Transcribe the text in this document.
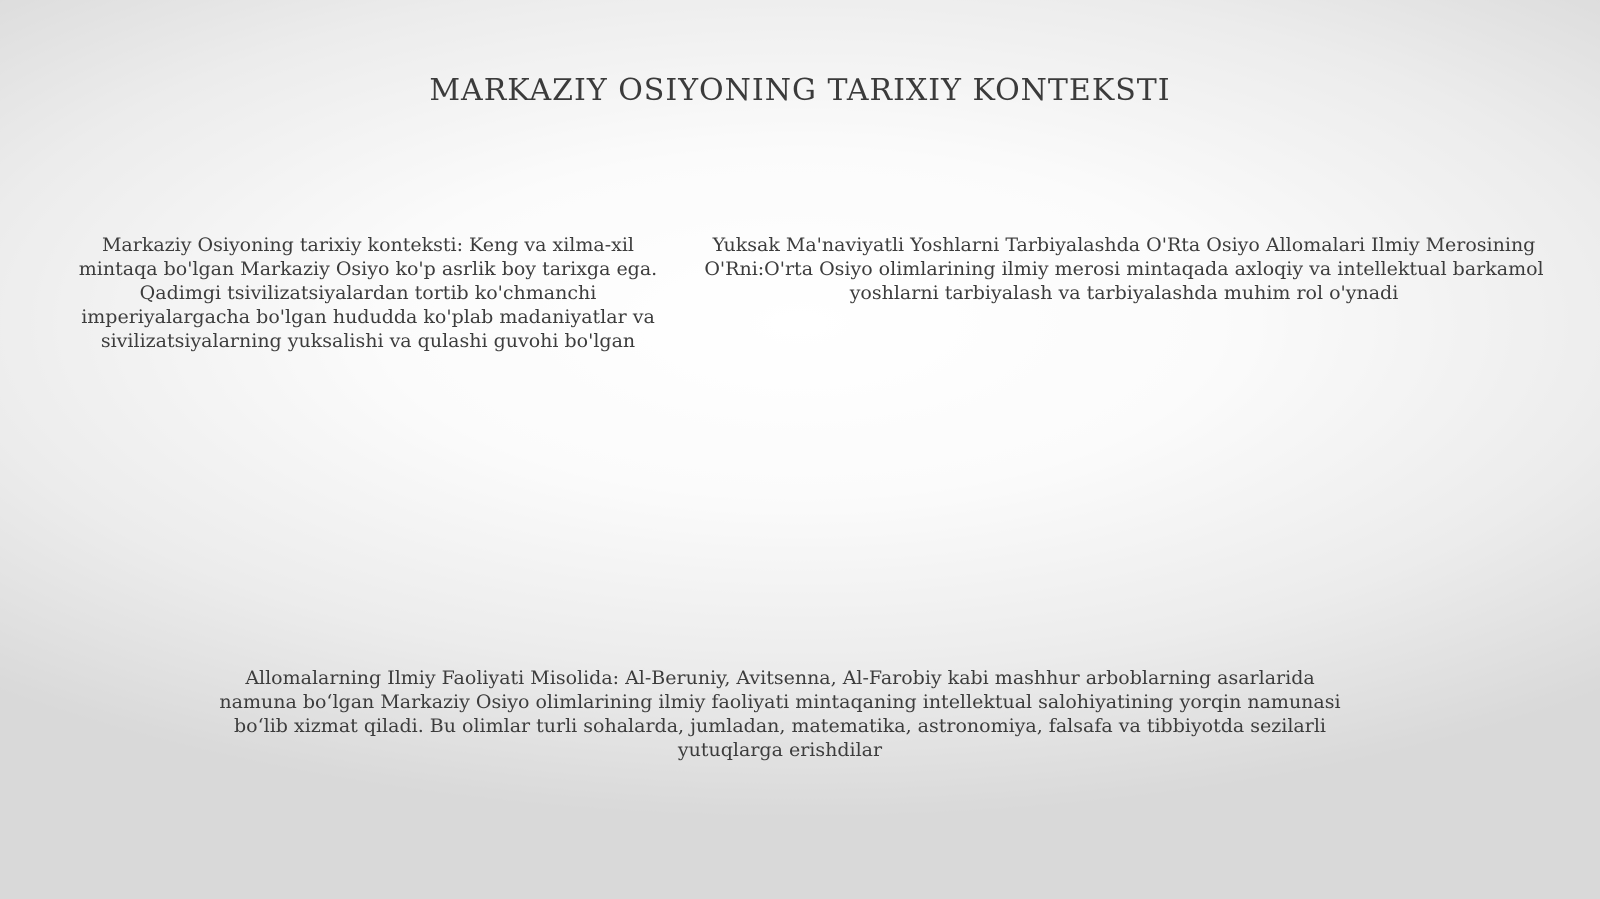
MARKAZIY OSIYONING TARIXIY KONTEKSTI

Markaziy Osiyoning tarixiy konteksti: Keng va xilma-xil mintaqa bo'lgan Markaziy Osiyo ko'p asrlik boy tarixga ega. Qadimgi tsivilizatsiyalardan tortib ko'chmanchi imperiyalargacha bo'lgan hududda ko'plab madaniyatlar va sivilizatsiyalarning yuksalishi va qulashi guvohi bo'lgan

Yuksak Ma'naviyatli Yoshlarni Tarbiyalashda O'Rta Osiyo Allomalari Ilmiy Merosining O'Rni:O'rta Osiyo olimlarining ilmiy merosi mintaqada axloqiy va intellektual barkamol yoshlarni tarbiyalash va tarbiyalashda muhim rol o'ynadi

Allomalarning Ilmiy Faoliyati Misolida: Al-Beruniy, Avitsenna, Al-Farobiy kabi mashhur arboblarning asarlarida namuna boʻlgan Markaziy Osiyo olimlarining ilmiy faoliyati mintaqaning intellektual salohiyatining yorqin namunasi boʻlib xizmat qiladi. Bu olimlar turli sohalarda, jumladan, matematika, astronomiya, falsafa va tibbiyotda sezilarli yutuqlarga erishdilar
